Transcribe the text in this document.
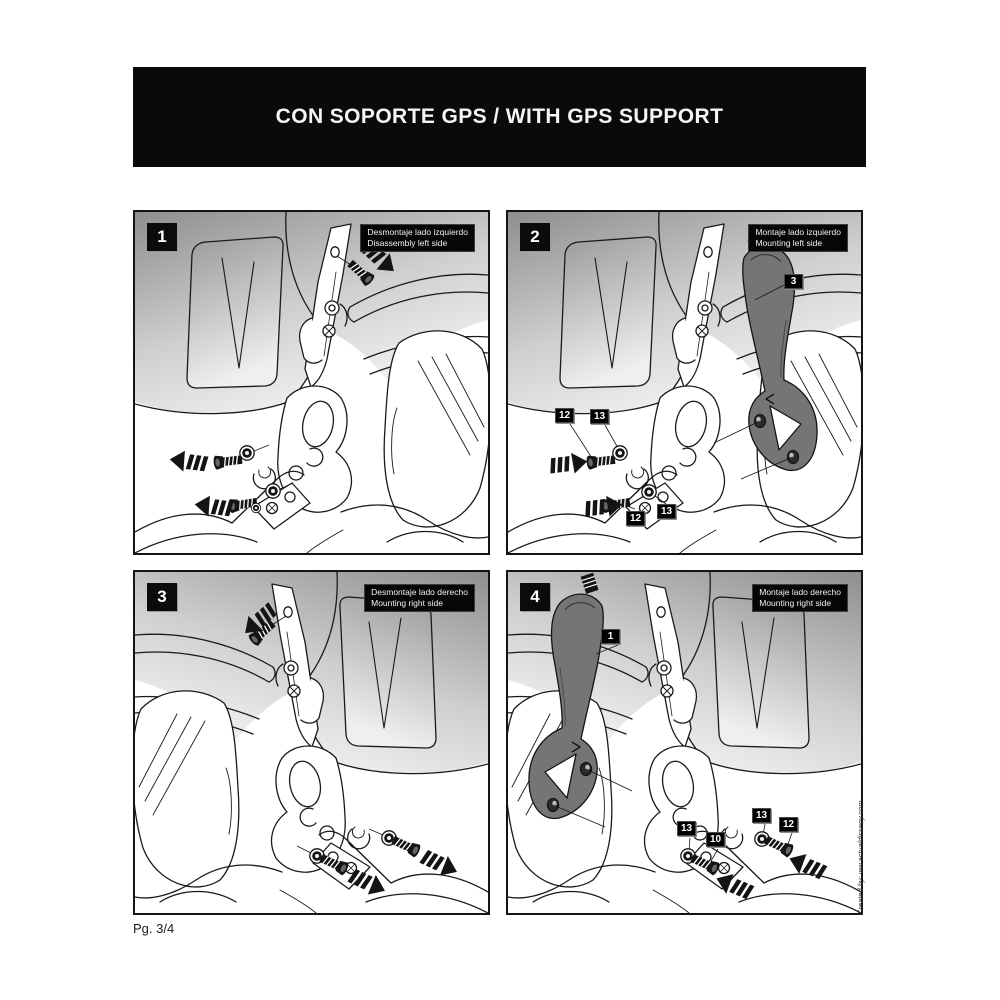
CON SOPORTE GPS / WITH GPS SUPPORT
1	Desmontaje lado izquierdo
Disassembly left side	2	Montaje lado izquierdo
Mounting left side
3
12	13
12
13
3	Desmontaje lado derecho
Mounting right side	4	Montaje lado derecho
Mounting right side
1
13
10
13
12
Pg. 3/4
Created by: ww.actualdisseny.com
